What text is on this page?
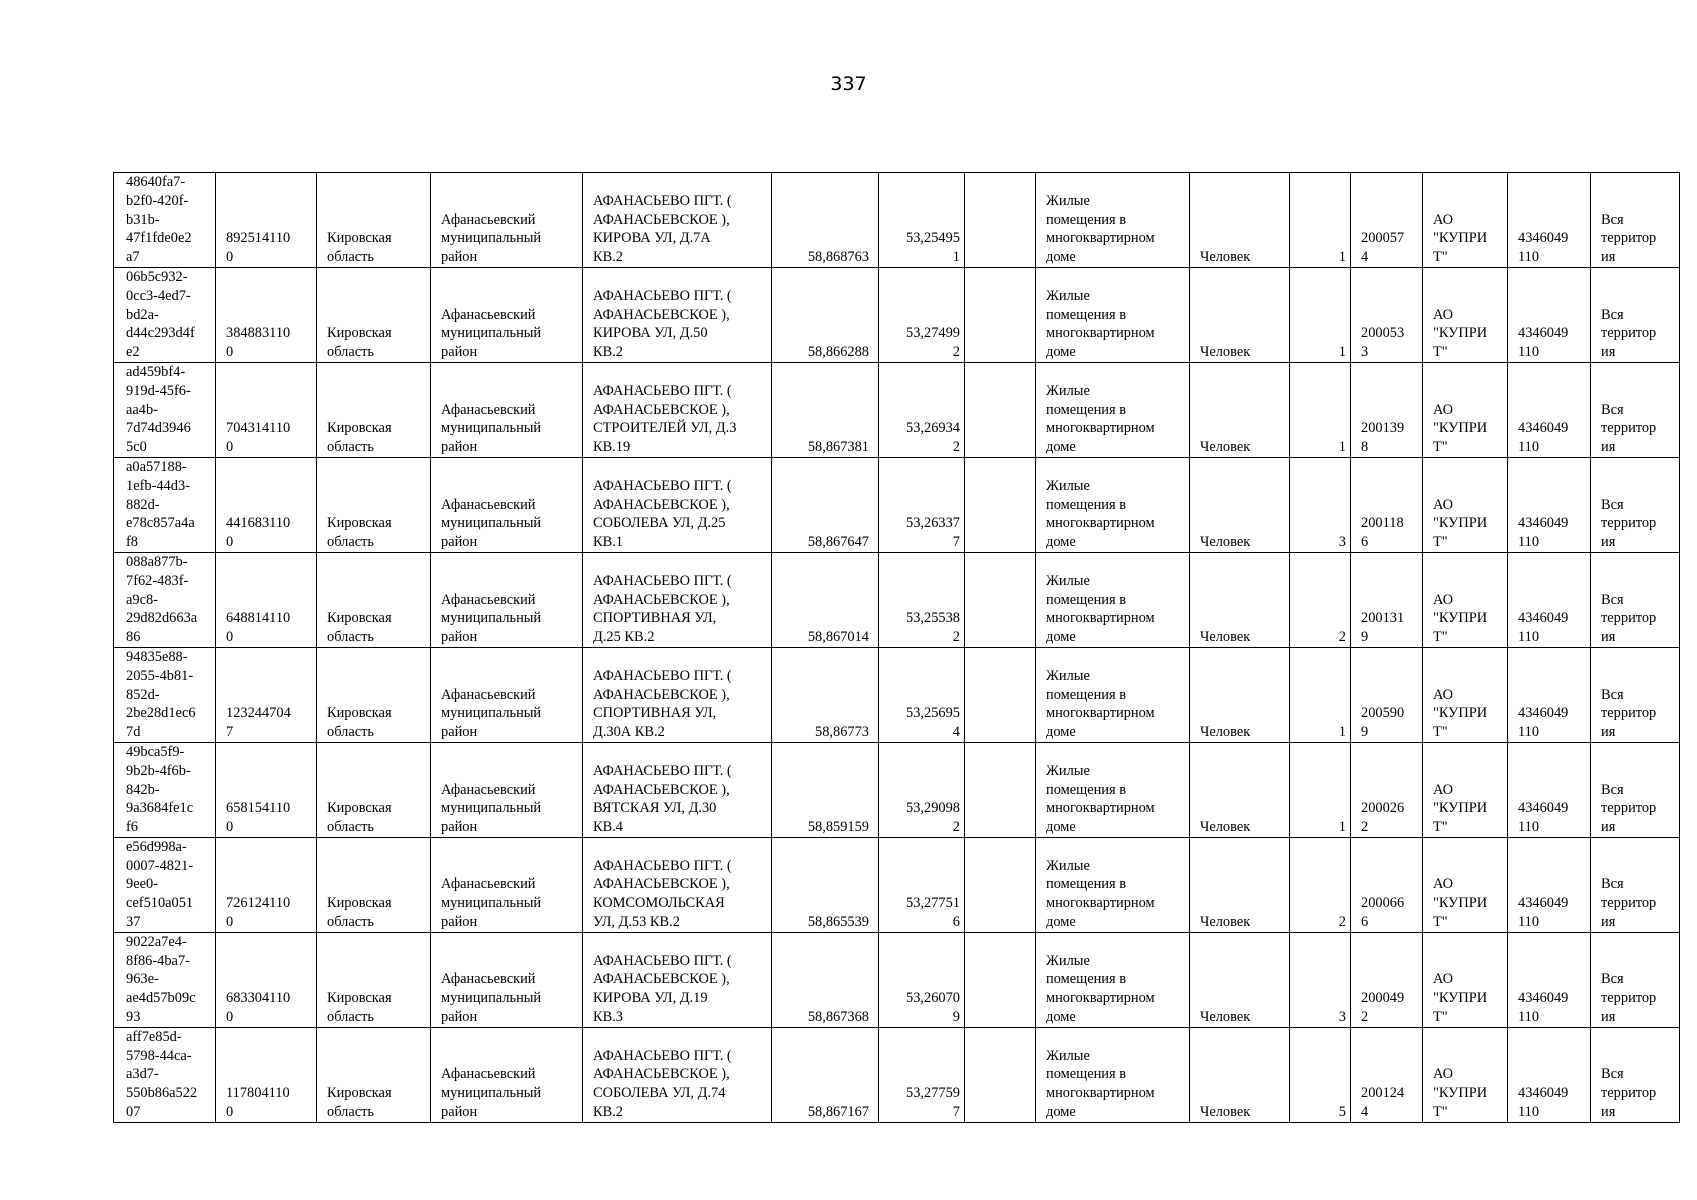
337
48640fa7-
b2f0-420f-
b31b-
47f1fde0e2
a7	892514110
0	Кировская
область	Афанасьевский
муниципальный
район	АФАНАСЬЕВО ПГТ. (
АФАНАСЬЕВСКОЕ ),
КИРОВА УЛ, Д.7А
КВ.2	58,868763	53,25495
1		Жилые
помещения в
многоквартирном
доме	Человек	1	200057
4	АО
"КУПРИ
Т"	4346049
110	Вся
территор
ия
06b5c932-
0cc3-4ed7-
bd2a-
d44c293d4f
e2	384883110
0	Кировская
область	Афанасьевский
муниципальный
район	АФАНАСЬЕВО ПГТ. (
АФАНАСЬЕВСКОЕ ),
КИРОВА УЛ, Д.50
КВ.2	58,866288	53,27499
2		Жилые
помещения в
многоквартирном
доме	Человек	1	200053
3	АО
"КУПРИ
Т"	4346049
110	Вся
территор
ия
ad459bf4-
919d-45f6-
aa4b-
7d74d3946
5c0	704314110
0	Кировская
область	Афанасьевский
муниципальный
район	АФАНАСЬЕВО ПГТ. (
АФАНАСЬЕВСКОЕ ),
СТРОИТЕЛЕЙ УЛ, Д.3
КВ.19	58,867381	53,26934
2		Жилые
помещения в
многоквартирном
доме	Человек	1	200139
8	АО
"КУПРИ
Т"	4346049
110	Вся
территор
ия
a0a57188-
1efb-44d3-
882d-
e78c857a4a
f8	441683110
0	Кировская
область	Афанасьевский
муниципальный
район	АФАНАСЬЕВО ПГТ. (
АФАНАСЬЕВСКОЕ ),
СОБОЛЕВА УЛ, Д.25
КВ.1	58,867647	53,26337
7		Жилые
помещения в
многоквартирном
доме	Человек	3	200118
6	АО
"КУПРИ
Т"	4346049
110	Вся
территор
ия
088a877b-
7f62-483f-
a9c8-
29d82d663a
86	648814110
0	Кировская
область	Афанасьевский
муниципальный
район	АФАНАСЬЕВО ПГТ. (
АФАНАСЬЕВСКОЕ ),
СПОРТИВНАЯ УЛ,
Д.25 КВ.2	58,867014	53,25538
2		Жилые
помещения в
многоквартирном
доме	Человек	2	200131
9	АО
"КУПРИ
Т"	4346049
110	Вся
территор
ия
94835e88-
2055-4b81-
852d-
2be28d1ec6
7d	123244704
7	Кировская
область	Афанасьевский
муниципальный
район	АФАНАСЬЕВО ПГТ. (
АФАНАСЬЕВСКОЕ ),
СПОРТИВНАЯ УЛ,
Д.30А КВ.2	58,86773	53,25695
4		Жилые
помещения в
многоквартирном
доме	Человек	1	200590
9	АО
"КУПРИ
Т"	4346049
110	Вся
территор
ия
49bca5f9-
9b2b-4f6b-
842b-
9a3684fe1c
f6	658154110
0	Кировская
область	Афанасьевский
муниципальный
район	АФАНАСЬЕВО ПГТ. (
АФАНАСЬЕВСКОЕ ),
ВЯТСКАЯ УЛ, Д.30
КВ.4	58,859159	53,29098
2		Жилые
помещения в
многоквартирном
доме	Человек	1	200026
2	АО
"КУПРИ
Т"	4346049
110	Вся
территор
ия
e56d998a-
0007-4821-
9ee0-
cef510a051
37	726124110
0	Кировская
область	Афанасьевский
муниципальный
район	АФАНАСЬЕВО ПГТ. (
АФАНАСЬЕВСКОЕ ),
КОМСОМОЛЬСКАЯ
УЛ, Д.53 КВ.2	58,865539	53,27751
6		Жилые
помещения в
многоквартирном
доме	Человек	2	200066
6	АО
"КУПРИ
Т"	4346049
110	Вся
территор
ия
9022a7e4-
8f86-4ba7-
963e-
ae4d57b09c
93	683304110
0	Кировская
область	Афанасьевский
муниципальный
район	АФАНАСЬЕВО ПГТ. (
АФАНАСЬЕВСКОЕ ),
КИРОВА УЛ, Д.19
КВ.3	58,867368	53,26070
9		Жилые
помещения в
многоквартирном
доме	Человек	3	200049
2	АО
"КУПРИ
Т"	4346049
110	Вся
территор
ия
aff7e85d-
5798-44ca-
a3d7-
550b86a522
07	117804110
0	Кировская
область	Афанасьевский
муниципальный
район	АФАНАСЬЕВО ПГТ. (
АФАНАСЬЕВСКОЕ ),
СОБОЛЕВА УЛ, Д.74
КВ.2	58,867167	53,27759
7		Жилые
помещения в
многоквартирном
доме	Человек	5	200124
4	АО
"КУПРИ
Т"	4346049
110	Вся
территор
ия
